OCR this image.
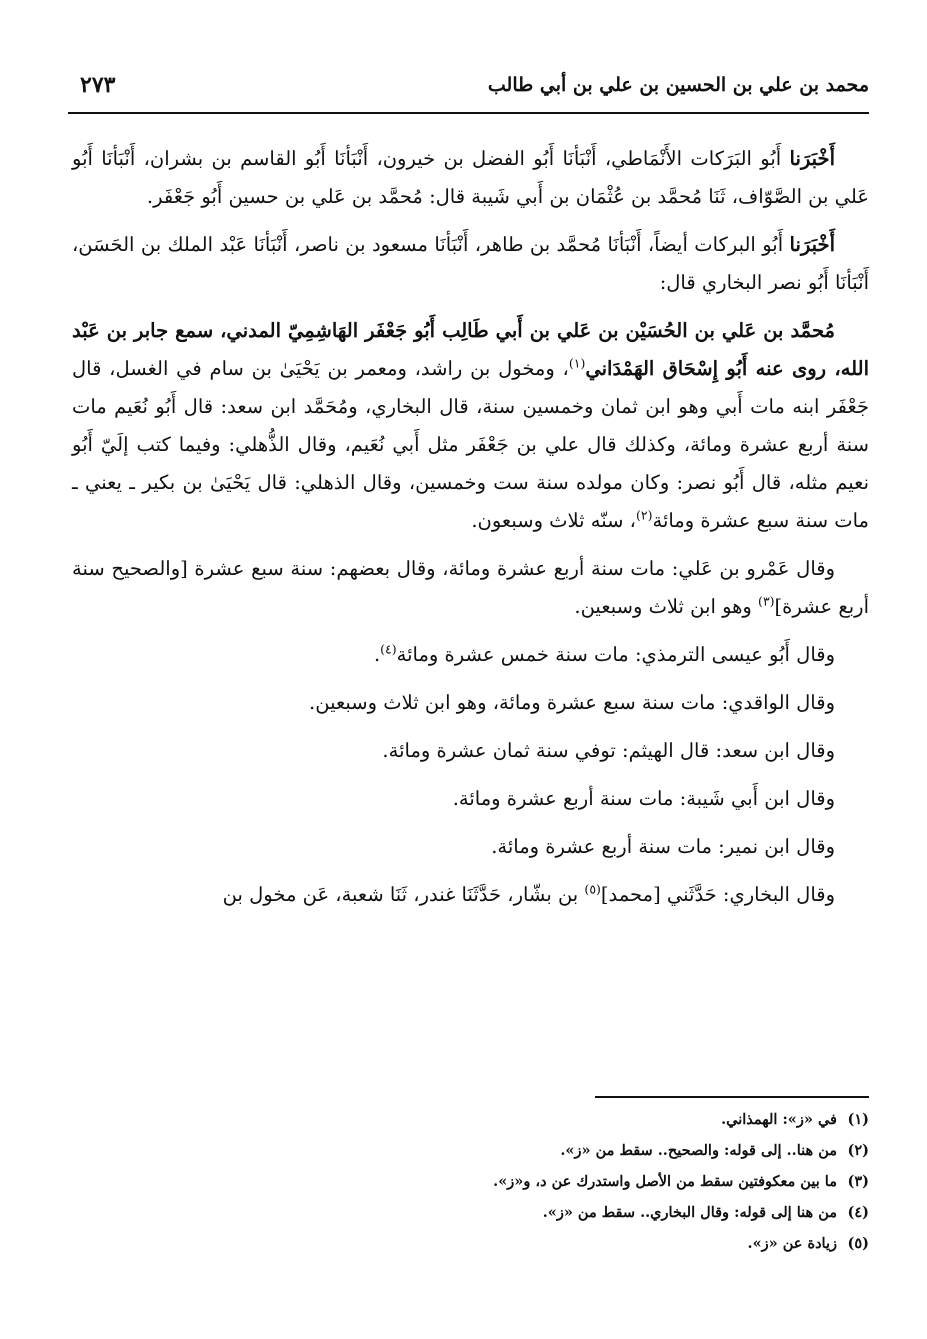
محمد بن علي بن الحسين بن علي بن أبي طالب
٢٧٣

أَخْبَرَنا أَبُو البَرَكات الأَنْمَاطي، أَنْبَأنَا أَبُو الفضل بن خيرون، أَنْبَأنَا أَبُو القاسم بن بشران، أَنْبَأنَا أَبُو عَلي بن الصَّوّاف، ثَنَا مُحمَّد بن عُثْمَان بن أَبي شَيبة قال: مُحمَّد بن عَلي بن حسين أَبُو جَعْفَر.

أَخْبَرَنا أَبُو البركات أيضاً، أَنْبَأنَا مُحمَّد بن طاهر، أَنْبَأنَا مسعود بن ناصر، أَنْبَأنَا عَبْد الملك بن الحَسَن، أَنْبَأنَا أَبُو نصر البخاري قال:

مُحمَّد بن عَلي بن الحُسَيْن بن عَلي بن أَبي طَالِب أَبُو جَعْفَر الهَاشِمِيّ المدني، سمع جابر بن عَبْد الله، روى عنه أَبُو إِسْحَاق الهَمْدَاني$^{(١)}$، ومخول بن راشد، ومعمر بن يَحْيَىٰ بن سام في الغسل، قال جَعْفَر ابنه مات أَبي وهو ابن ثمان وخمسين سنة، قال البخاري، ومُحَمَّد ابن سعد: قال أَبُو نُعَيم مات سنة أربع عشرة ومائة، وكذلك قال علي بن جَعْفَر مثل أَبي نُعَيم، وقال الذُّهلي: وفيما كتب إلَيّ أَبُو نعيم مثله، قال أَبُو نصر: وكان مولده سنة ست وخمسين، وقال الذهلي: قال يَحْيَىٰ بن بكير ـ يعني ـ مات سنة سبع عشرة ومائة$^{(٢)}$، سنّه ثلاث وسبعون.

وقال عَمْرو بن عَلي: مات سنة أربع عشرة ومائة، وقال بعضهم: سنة سبع عشرة [والصحيح سنة أربع عشرة]$^{(٣)}$ وهو ابن ثلاث وسبعين.

وقال أَبُو عيسى الترمذي: مات سنة خمس عشرة ومائة$^{(٤)}$.

وقال الواقدي: مات سنة سبع عشرة ومائة، وهو ابن ثلاث وسبعين.

وقال ابن سعد: قال الهيثم: توفي سنة ثمان عشرة ومائة.

وقال ابن أَبي شَيبة: مات سنة أربع عشرة ومائة.

وقال ابن نمير: مات سنة أربع عشرة ومائة.

وقال البخاري: حَدَّثَني [محمد]$^{(٥)}$ بن بشّار، حَدَّثَنَا غندر، ثَنَا شعبة، عَن مخول بن

(١)في «ز»: الهمذاني.
(٢)من هنا.. إلى قوله: والصحيح.. سقط من «ز».
(٣)ما بين معكوفتين سقط من الأصل واستدرك عن د، و«ز».
(٤)من هنا إلى قوله: وقال البخاري.. سقط من «ز».
(٥)زيادة عن «ز».
